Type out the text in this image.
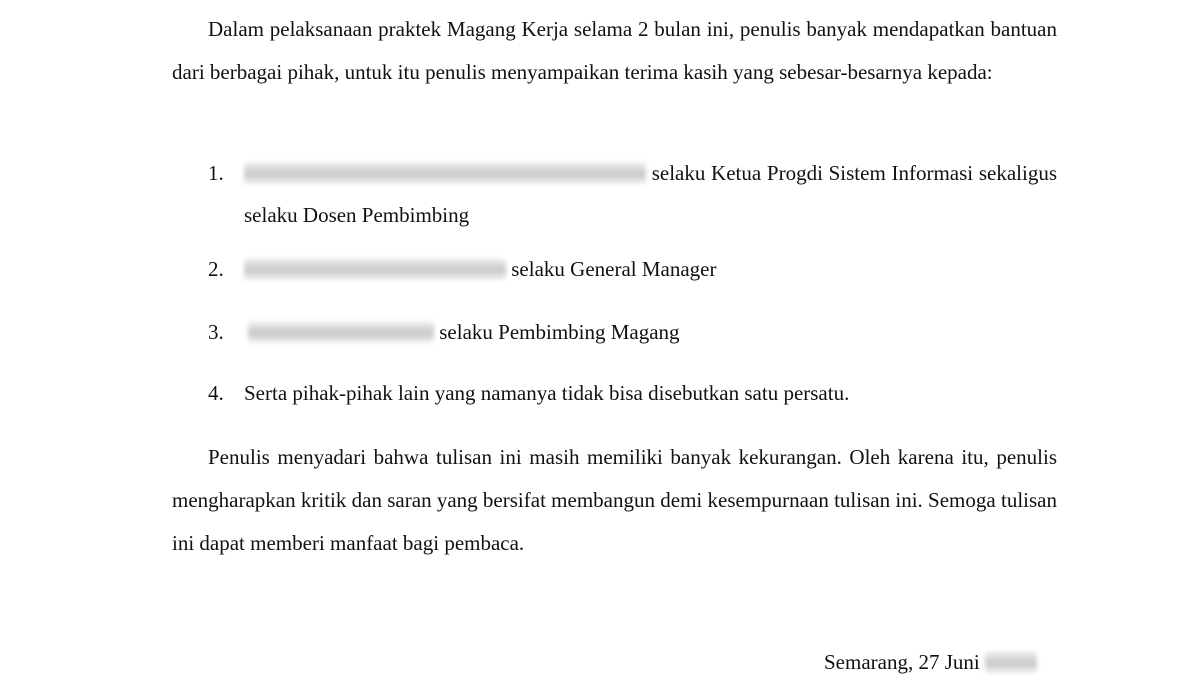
Dalam pelaksanaan praktek Magang Kerja selama 2 bulan ini, penulis banyak mendapatkan bantuan dari berbagai pihak, untuk itu penulis menyampaikan terima kasih yang sebesar-besarnya kepada:

1.	selaku Ketua Progdi Sistem Informasi sekaligus selaku Dosen Pembimbing
2.	selaku General Manager
3.	selaku Pembimbing Magang
4. Serta pihak-pihak lain yang namanya tidak bisa disebutkan satu persatu.

Penulis menyadari bahwa tulisan ini masih memiliki banyak kekurangan. Oleh karena itu, penulis mengharapkan kritik dan saran yang bersifat membangun demi kesempurnaan tulisan ini. Semoga tulisan ini dapat memberi manfaat bagi pembaca.

Semarang, 27 Juni
